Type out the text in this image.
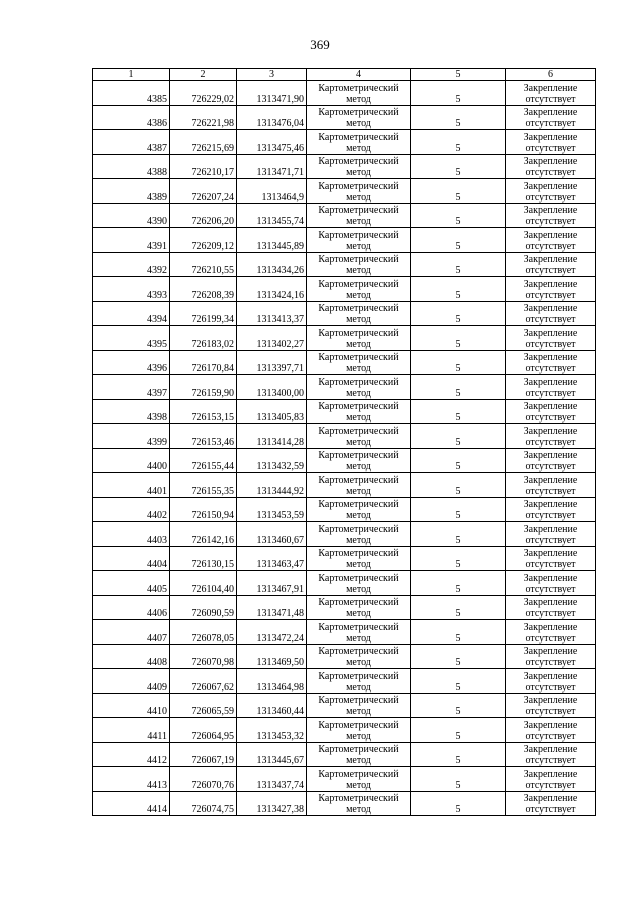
369
1	2	3	4	5	6
4385	726229,02	1313471,90	Картометрический
метод	5	Закрепление
отсутствует

4386	726221,98	1313476,04	Картометрический
метод	5	Закрепление
отсутствует

4387	726215,69	1313475,46	Картометрический
метод	5	Закрепление
отсутствует

4388	726210,17	1313471,71	Картометрический
метод	5	Закрепление
отсутствует

4389	726207,24	1313464,9	Картометрический
метод	5	Закрепление
отсутствует

4390	726206,20	1313455,74	Картометрический
метод	5	Закрепление
отсутствует

4391	726209,12	1313445,89	Картометрический
метод	5	Закрепление
отсутствует

4392	726210,55	1313434,26	Картометрический
метод	5	Закрепление
отсутствует

4393	726208,39	1313424,16	Картометрический
метод	5	Закрепление
отсутствует

4394	726199,34	1313413,37	Картометрический
метод	5	Закрепление
отсутствует

4395	726183,02	1313402,27	Картометрический
метод	5	Закрепление
отсутствует

4396	726170,84	1313397,71	Картометрический
метод	5	Закрепление
отсутствует

4397	726159,90	1313400,00	Картометрический
метод	5	Закрепление
отсутствует

4398	726153,15	1313405,83	Картометрический
метод	5	Закрепление
отсутствует

4399	726153,46	1313414,28	Картометрический
метод	5	Закрепление
отсутствует

4400	726155,44	1313432,59	Картометрический
метод	5	Закрепление
отсутствует

4401	726155,35	1313444,92	Картометрический
метод	5	Закрепление
отсутствует

4402	726150,94	1313453,59	Картометрический
метод	5	Закрепление
отсутствует

4403	726142,16	1313460,67	Картометрический
метод	5	Закрепление
отсутствует

4404	726130,15	1313463,47	Картометрический
метод	5	Закрепление
отсутствует

4405	726104,40	1313467,91	Картометрический
метод	5	Закрепление
отсутствует

4406	726090,59	1313471,48	Картометрический
метод	5	Закрепление
отсутствует

4407	726078,05	1313472,24	Картометрический
метод	5	Закрепление
отсутствует

4408	726070,98	1313469,50	Картометрический
метод	5	Закрепление
отсутствует

4409	726067,62	1313464,98	Картометрический
метод	5	Закрепление
отсутствует

4410	726065,59	1313460,44	Картометрический
метод	5	Закрепление
отсутствует

4411	726064,95	1313453,32	Картометрический
метод	5	Закрепление
отсутствует

4412	726067,19	1313445,67	Картометрический
метод	5	Закрепление
отсутствует

4413	726070,76	1313437,74	Картометрический
метод	5	Закрепление
отсутствует

4414	726074,75	1313427,38	Картометрический
метод	5	Закрепление
отсутствует
